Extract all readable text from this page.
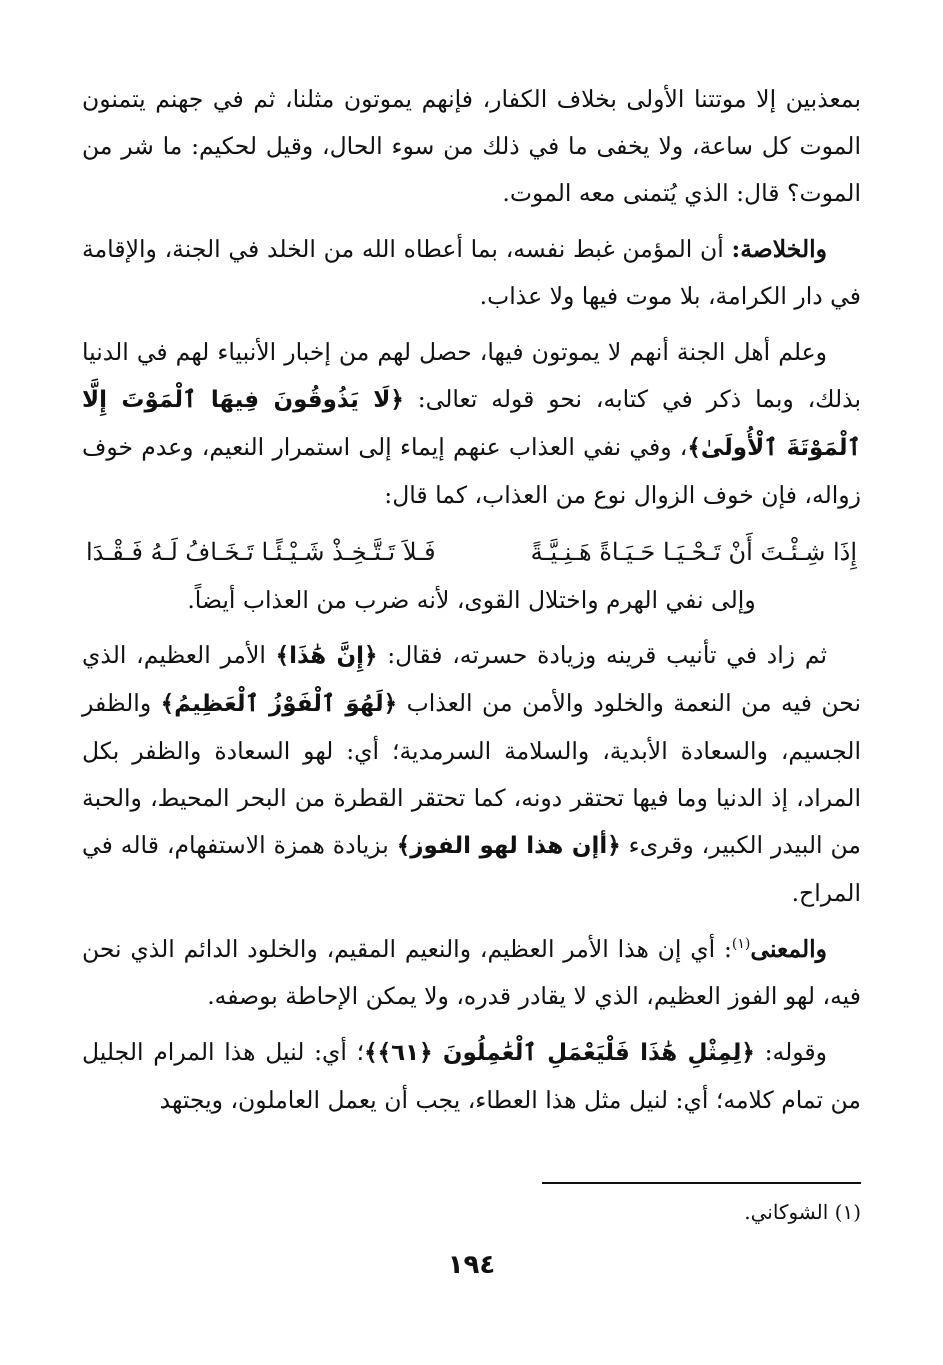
بمعذبين إلا موتتنا الأولى بخلاف الكفار، فإنهم يموتون مثلنا، ثم في جهنم يتمنون الموت كل ساعة، ولا يخفى ما في ذلك من سوء الحال، وقيل لحكيم: ما شر من الموت؟ قال: الذي يُتمنى معه الموت.

والخلاصة: أن المؤمن غبط نفسه، بما أعطاه الله من الخلد في الجنة، والإقامة في دار الكرامة، بلا موت فيها ولا عذاب.

وعلم أهل الجنة أنهم لا يموتون فيها، حصل لهم من إخبار الأنبياء لهم في الدنيا بذلك، وبما ذكر في كتابه، نحو قوله تعالى: ﴿لَا يَذُوقُونَ فِيهَا ٱلْمَوْتَ إِلَّا ٱلْمَوْتَةَ ٱلْأُولَىٰ﴾، وفي نفي العذاب عنهم إيماء إلى استمرار النعيم، وعدم خوف زواله، فإن خوف الزوال نوع من العذاب، كما قال:

إِذَا شِـئْـتَ أَنْ تَـحْـيَـا حَـيَـاةً هَـنِـيَّـةً
فَـلاَ تَـتَّـخِـذْ شَـيْـئًـا تَـخَـافُ لَـهُ فَـقْـدَا

وإلى نفي الهرم واختلال القوى، لأنه ضرب من العذاب أيضاً.

ثم زاد في تأنيب قرينه وزيادة حسرته، فقال: ﴿إِنَّ هَٰذَا﴾ الأمر العظيم، الذي نحن فيه من النعمة والخلود والأمن من العذاب ﴿لَهُوَ ٱلْفَوْزُ ٱلْعَظِيمُ﴾ والظفر الجسيم، والسعادة الأبدية، والسلامة السرمدية؛ أي: لهو السعادة والظفر بكل المراد، إذ الدنيا وما فيها تحتقر دونه، كما تحتقر القطرة من البحر المحيط، والحبة من البيدر الكبير، وقرىء ﴿أإن هذا لهو الفوز﴾ بزيادة همزة الاستفهام، قاله في المراح.

والمعنى$^{(١)}$: أي إن هذا الأمر العظيم، والنعيم المقيم، والخلود الدائم الذي نحن فيه، لهو الفوز العظيم، الذي لا يقادر قدره، ولا يمكن الإحاطة بوصفه.

وقوله: ﴿لِمِثْلِ هَٰذَا فَلْيَعْمَلِ ٱلْعَٰمِلُونَ ﴿٦١﴾﴾؛ أي: لنيل هذا المرام الجليل من تمام كلامه؛ أي: لنيل مثل هذا العطاء، يجب أن يعمل العاملون، ويجتهد

(١) الشوكاني.
١٩٤
